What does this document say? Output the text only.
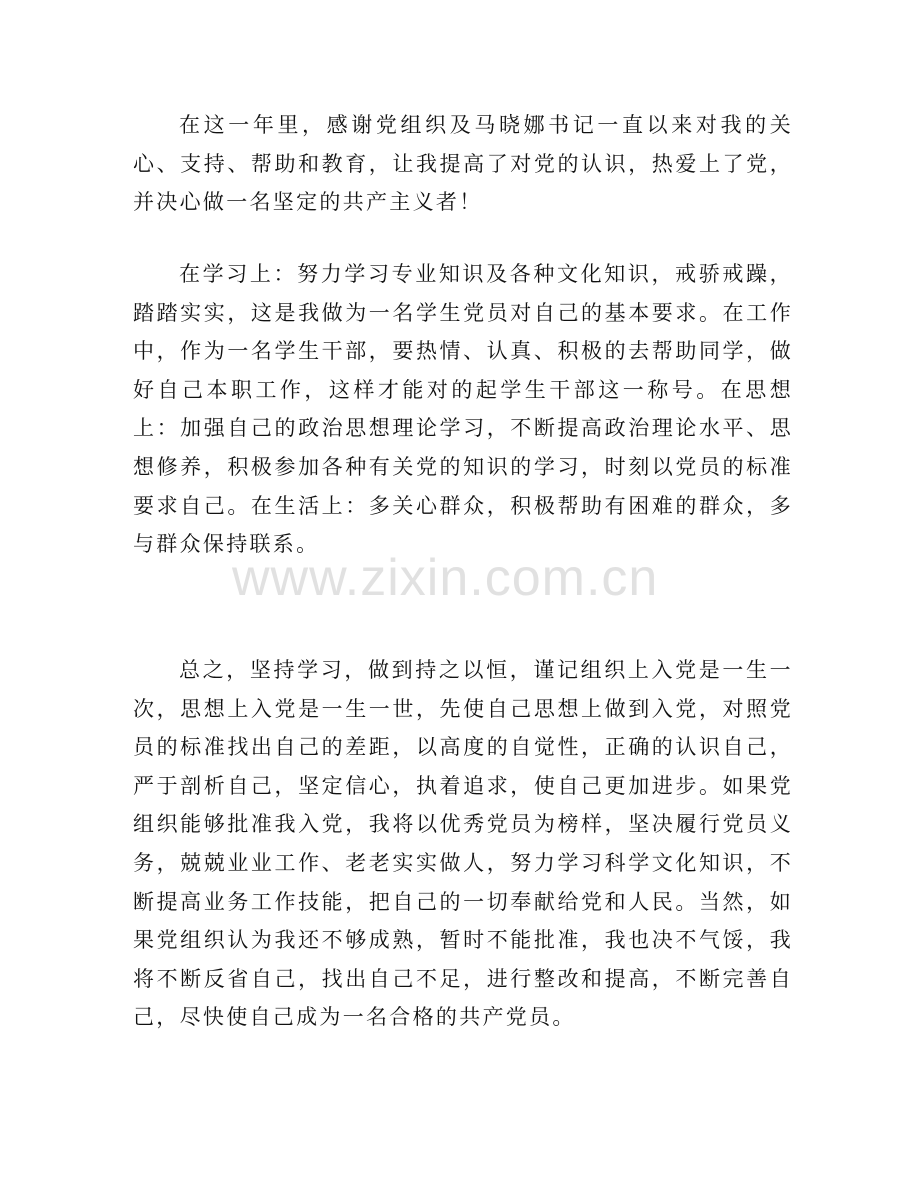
在这一年里，感谢党组织及马晓娜书记一直以来对我的关心、支持、帮助和教育，让我提高了对党的认识，热爱上了党，并决心做一名坚定的共产主义者！

在学习上：努力学习专业知识及各种文化知识，戒骄戒躁，踏踏实实，这是我做为一名学生党员对自己的基本要求。在工作中，作为一名学生干部，要热情、认真、积极的去帮助同学，做好自己本职工作，这样才能对的起学生干部这一称号。在思想上：加强自己的政治思想理论学习，不断提高政治理论水平、思想修养，积极参加各种有关党的知识的学习，时刻以党员的标准要求自己。在生活上：多关心群众，积极帮助有困难的群众，多与群众保持联系。

总之，坚持学习，做到持之以恒，谨记组织上入党是一生一次，思想上入党是一生一世，先使自己思想上做到入党，对照党员的标准找出自己的差距，以高度的自觉性，正确的认识自己，严于剖析自己，坚定信心，执着追求，使自己更加进步。如果党组织能够批准我入党，我将以优秀党员为榜样，坚决履行党员义务，兢兢业业工作、老老实实做人，努力学习科学文化知识，不断提高业务工作技能，把自己的一切奉献给党和人民。当然，如果党组织认为我还不够成熟，暂时不能批准，我也决不气馁，我将不断反省自己，找出自己不足，进行整改和提高，不断完善自己，尽快使自己成为一名合格的共产党员。

www.zixin.com.cn
